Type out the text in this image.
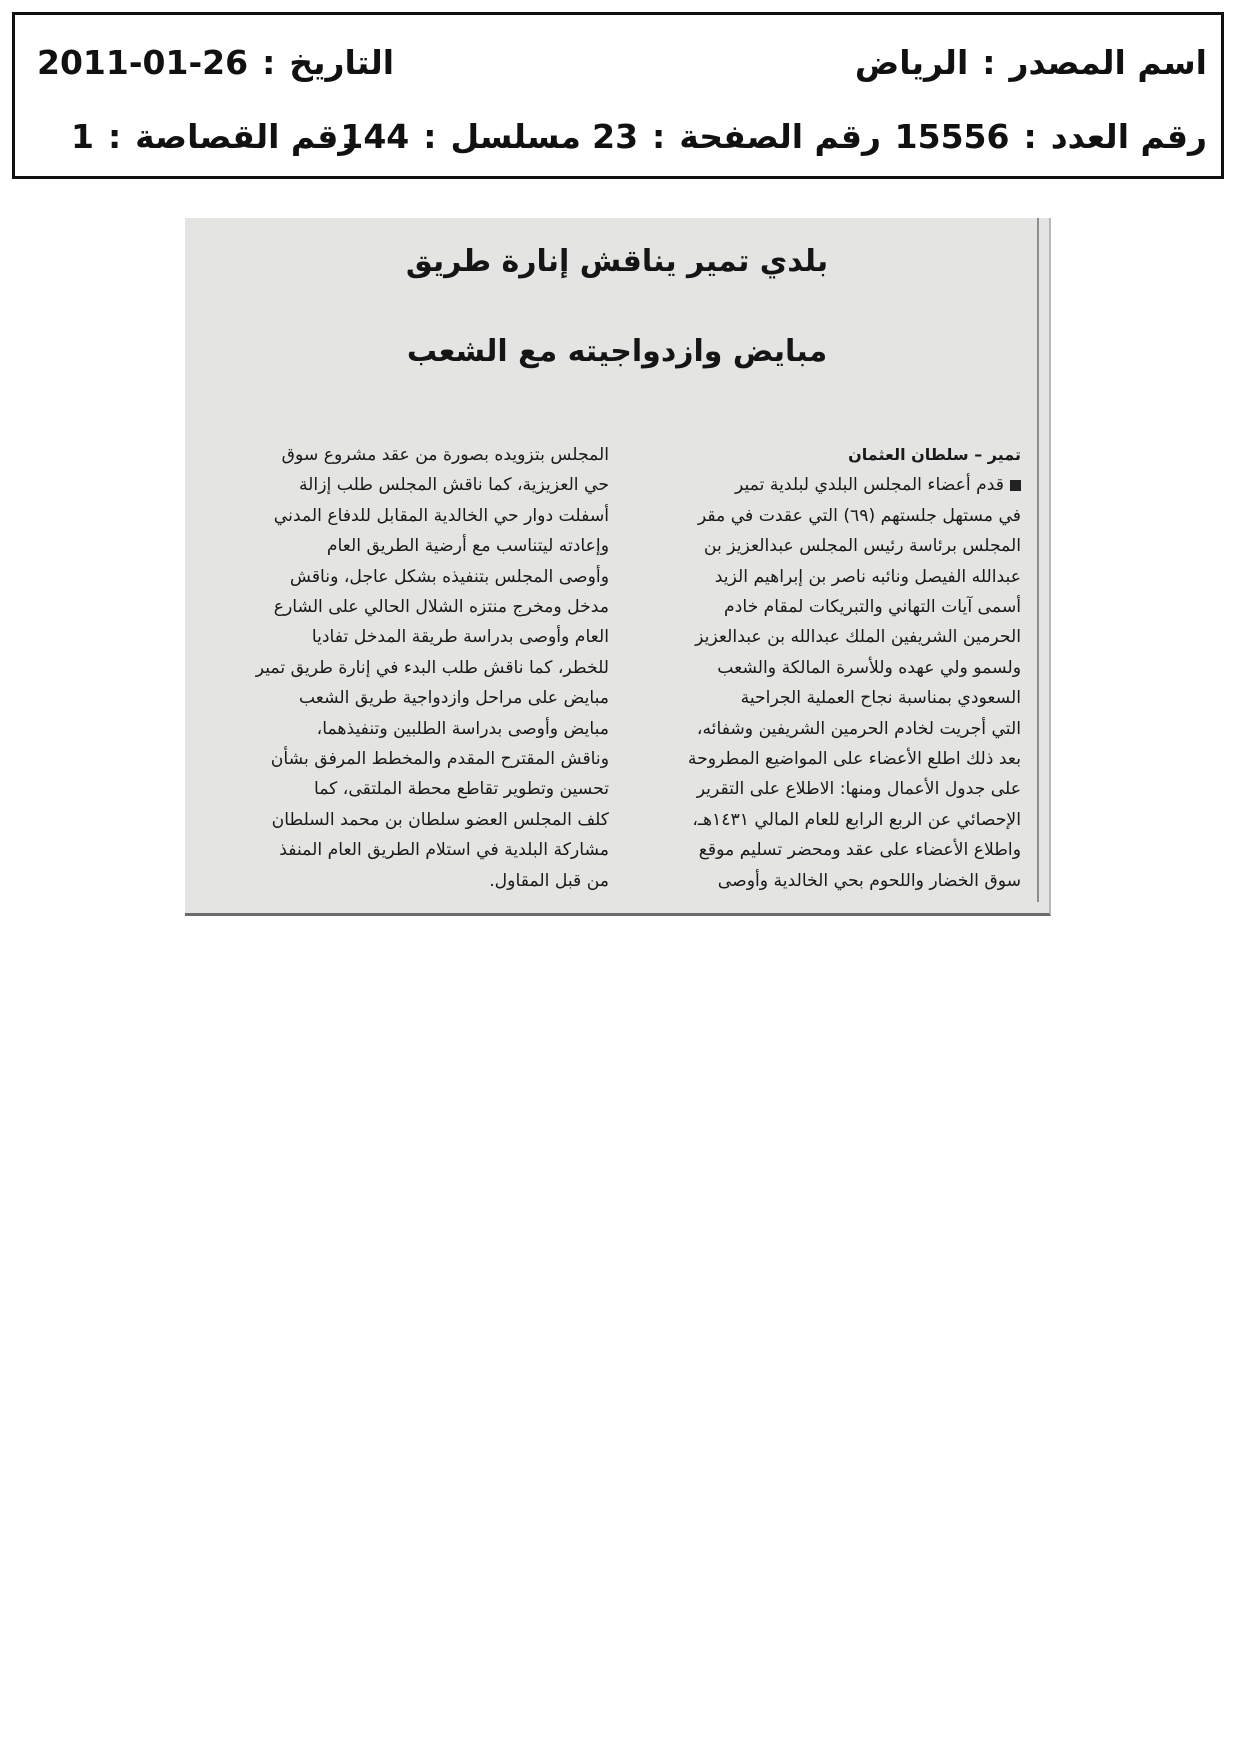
اسم المصدر:الرياض
التاريخ:2011-01-26
رقم العدد:15556
رقم الصفحة:23
مسلسل:144
رقم القصاصة:1
بلدي تمير يناقش إنارة طريق
مبايض وازدواجيته مع الشعب
تمير – سلطان العثمان
قدم أعضاء المجلس البلدي لبلدية تمير
في مستهل جلستهم (٦٩) التي عقدت في مقر
المجلس برئاسة رئيس المجلس عبدالعزيز بن
عبدالله الفيصل ونائبه ناصر بن إبراهيم الزيد
أسمى آيات التهاني والتبريكات لمقام خادم
الحرمين الشريفين الملك عبدالله بن عبدالعزيز
ولسمو ولي عهده وللأسرة المالكة والشعب
السعودي بمناسبة نجاح العملية الجراحية
التي أجريت لخادم الحرمين الشريفين وشفائه،
بعد ذلك اطلع الأعضاء على المواضيع المطروحة
على جدول الأعمال ومنها: الاطلاع على التقرير
الإحصائي عن الربع الرابع للعام المالي ١٤٣١هـ،
واطلاع الأعضاء على عقد ومحضر تسليم موقع
سوق الخضار واللحوم بحي الخالدية وأوصى
المجلس بتزويده بصورة من عقد مشروع سوق
حي العزيزية، كما ناقش المجلس طلب إزالة
أسفلت دوار حي الخالدية المقابل للدفاع المدني
وإعادته ليتناسب مع أرضية الطريق العام
وأوصى المجلس بتنفيذه بشكل عاجل، وناقش
مدخل ومخرج منتزه الشلال الحالي على الشارع
العام وأوصى بدراسة طريقة المدخل تفاديا
للخطر، كما ناقش طلب البدء في إنارة طريق تمير
مبايض على مراحل وازدواجية طريق الشعب
مبايض وأوصى بدراسة الطلبين وتنفيذهما،
وناقش المقترح المقدم والمخطط المرفق بشأن
تحسين وتطوير تقاطع محطة الملتقى، كما
كلف المجلس العضو سلطان بن محمد السلطان
مشاركة البلدية في استلام الطريق العام المنفذ
من قبل المقاول.
